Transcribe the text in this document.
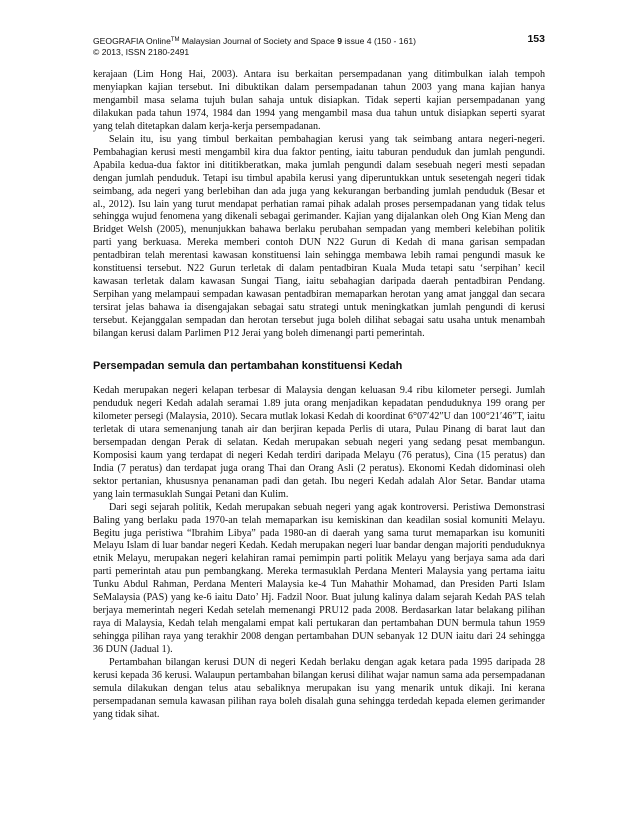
GEOGRAFIA Online™ Malaysian Journal of Society and Space 9 issue 4 (150 - 161)	153
© 2013, ISSN 2180-2491

kerajaan (Lim Hong Hai, 2003). Antara isu berkaitan persempadanan yang ditimbulkan ialah tempoh menyiapkan kajian tersebut. Ini dibuktikan dalam persempadanan tahun 2003 yang mana kajian hanya mengambil masa selama tujuh bulan sahaja untuk disiapkan. Tidak seperti kajian persempadanan yang dilakukan pada tahun 1974, 1984 dan 1994 yang mengambil masa dua tahun untuk disiapkan seperti syarat yang telah ditetapkan dalam kerja-kerja persempadanan.

Selain itu, isu yang timbul berkaitan pembahagian kerusi yang tak seimbang antara negeri-negeri. Pembahagian kerusi mesti mengambil kira dua faktor penting, iaitu taburan penduduk dan jumlah pengundi. Apabila kedua-dua faktor ini dititikberatkan, maka jumlah pengundi dalam sesebuah negeri mesti sepadan dengan jumlah penduduk. Tetapi isu timbul apabila kerusi yang diperuntukkan untuk sesetengah negeri tidak seimbang, ada negeri yang berlebihan dan ada juga yang kekurangan berbanding jumlah penduduk (Besar et al., 2012). Isu lain yang turut mendapat perhatian ramai pihak adalah proses persempadanan yang tidak telus sehingga wujud fenomena yang dikenali sebagai gerimander. Kajian yang dijalankan oleh Ong Kian Meng dan Bridget Welsh (2005), menunjukkan bahawa berlaku perubahan sempadan yang memberi kelebihan politik parti yang berkuasa. Mereka memberi contoh DUN N22 Gurun di Kedah di mana garisan sempadan pentadbiran telah merentasi kawasan konstituensi lain sehingga membawa lebih ramai pengundi masuk ke konstituensi tersebut. N22 Gurun terletak di dalam pentadbiran Kuala Muda tetapi satu ‘serpihan’ kecil kawasan terletak dalam kawasan Sungai Tiang, iaitu sebahagian daripada daerah pentadbiran Pendang. Serpihan yang melampaui sempadan kawasan pentadbiran memaparkan herotan yang amat janggal dan secara tersirat jelas bahawa ia disengajakan sebagai satu strategi untuk meningkatkan jumlah pengundi di kerusi tersebut. Kejanggalan sempadan dan herotan tersebut juga boleh dilihat sebagai satu usaha untuk menambah bilangan kerusi dalam Parlimen P12 Jerai yang boleh dimenangi parti pemerintah.

Persempadan semula dan pertambahan konstituensi Kedah

Kedah merupakan negeri kelapan terbesar di Malaysia dengan keluasan 9.4 ribu kilometer persegi. Jumlah penduduk negeri Kedah adalah seramai 1.89 juta orang menjadikan kepadatan penduduknya 199 orang per kilometer persegi (Malaysia, 2010). Secara mutlak lokasi Kedah di koordinat 6°07′42″U dan 100°21′46″T, iaitu terletak di utara semenanjung tanah air dan berjiran kepada Perlis di utara, Pulau Pinang di barat laut dan bersempadan dengan Perak di selatan. Kedah merupakan sebuah negeri yang sedang pesat membangun. Komposisi kaum yang terdapat di negeri Kedah terdiri daripada Melayu (76 peratus), Cina (15 peratus) dan India (7 peratus) dan terdapat juga orang Thai dan Orang Asli (2 peratus). Ekonomi Kedah didominasi oleh sektor pertanian, khususnya penanaman padi dan getah. Ibu negeri Kedah adalah Alor Setar. Bandar utama yang lain termasuklah Sungai Petani dan Kulim.

Dari segi sejarah politik, Kedah merupakan sebuah negeri yang agak kontroversi. Peristiwa Demonstrasi Baling yang berlaku pada 1970-an telah memaparkan isu kemiskinan dan keadilan sosial komuniti Melayu. Begitu juga peristiwa “Ibrahim Libya” pada 1980-an di daerah yang sama turut memaparkan isu komuniti Melayu Islam di luar bandar negeri Kedah. Kedah merupakan negeri luar bandar dengan majoriti penduduknya etnik Melayu, merupakan negeri kelahiran ramai pemimpin parti politik Melayu yang berjaya sama ada dari parti pemerintah atau pun pembangkang. Mereka termasuklah Perdana Menteri Malaysia yang pertama iaitu Tunku Abdul Rahman, Perdana Menteri Malaysia ke-4 Tun Mahathir Mohamad, dan Presiden Parti Islam SeMalaysia (PAS) yang ke-6 iaitu Dato’ Hj. Fadzil Noor. Buat julung kalinya dalam sejarah Kedah PAS telah berjaya memerintah negeri Kedah setelah memenangi PRU12 pada 2008. Berdasarkan latar belakang pilihan raya di Malaysia, Kedah telah mengalami empat kali pertukaran dan pertambahan DUN bermula tahun 1959 sehingga pilihan raya yang terakhir 2008 dengan pertambahan DUN sebanyak 12 DUN iaitu dari 24 sehingga 36 DUN (Jadual 1).

Pertambahan bilangan kerusi DUN di negeri Kedah berlaku dengan agak ketara pada 1995 daripada 28 kerusi kepada 36 kerusi. Walaupun pertambahan bilangan kerusi dilihat wajar namun sama ada persempadanan semula dilakukan dengan telus atau sebaliknya merupakan isu yang menarik untuk dikaji. Ini kerana persempadanan semula kawasan pilihan raya boleh disalah guna sehingga terdedah kepada elemen gerimander yang tidak sihat.
